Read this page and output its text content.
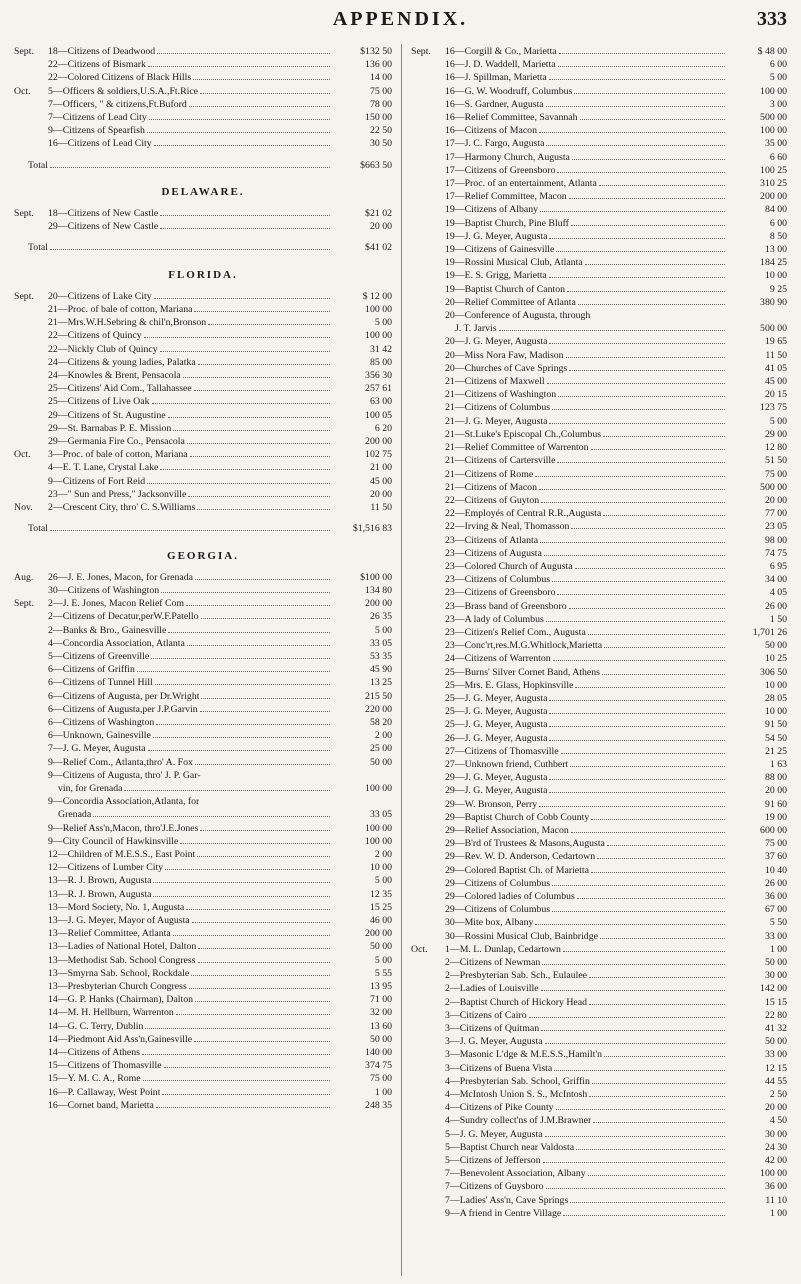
APPENDIX.	333
Sept.	18—Citizens of Deadwood	$132 50
22—Citizens of Bismark	136 00
22—Colored Citizens of Black Hills	14 00
Oct.	5—Officers & soldiers,U.S.A.,Ft.Rice	75 00
7—Officers, " & citizens,Ft.Buford	78 00
7—Citizens of Lead City	150 00
9—Citizens of Spearfish	22 50
16—Citizens of Lead City	30 50
Total	$663 50
DELAWARE.
Sept.	18—Citizens of New Castle	$21 02
29—Citizens of New Castle	20 00
Total	$41 02
FLORIDA.
Sept.	20—Citizens of Lake City	$ 12 00
21—Proc. of bale of cotton, Mariana	100 00
21—Mrs.W.H.Sebring & chil'n,Bronson	5 00
22—Citizens of Quincy	100 00
22—Nickly Club of Quincy	31 42
24—Citizens & young ladies, Palatka	85 00
24—Knowles & Brent, Pensacola	356 30
25—Citizens' Aid Com., Tallahassee	257 61
25—Citizens of Live Oak	63 00
29—Citizens of St. Augustine	100 05
29—St. Barnabas P. E. Mission	6 20
29—Germania Fire Co., Pensacola	200 00
Oct.	3—Proc. of bale of cotton, Mariana	102 75
4—E. T. Lane, Crystal Lake	21 00
9—Citizens of Fort Reid	45 00
23—" Sun and Press," Jacksonville	20 00
Nov.	2—Crescent City, thro' C. S.Williams	11 50
Total	$1,516 83
GEORGIA.
Aug.	26—J. E. Jones, Macon, for Grenada	$100 00
30—Citizens of Washington	134 80
Sept.	2—J. E. Jones, Macon Relief Com	200 00
2—Citizens of Decatur,perW.F.Patello	26 35
2—Banks & Bro., Gainesville	5 00
4—Concordia Association, Atlanta	33 05
5—Citizens of Greenville	53 35
6—Citizens of Griffin	45 90
6—Citizens of Tunnel Hill	13 25
6—Citizens of Augusta, per Dr.Wright	215 50
6—Citizens of Augusta,per J.P.Garvin	220 00
6—Citizens of Washington	58 20
6—Unknown, Gainesville	2 00
7—J. G. Meyer, Augusta	25 00
9—Relief Com., Atlanta,thro' A. Fox	50 00
9—Citizens of Augusta, thro' J. P. Gar-
vin, for Grenada	100 00
9—Concordia Association,Atlanta, for
Grenada	33 05
9—Relief Ass'n,Macon, thro'J.E.Jones	100 00
9—City Council of Hawkinsville	100 00
12—Children of M.E.S.S., East Point	2 00
12—Citizens of Lumber City	10 00
13—R. J. Brown, Augusta	5 00
13—R. J. Brown, Augusta	12 35
13—Mord Society, No. 1, Augusta	15 25
13—J. G. Meyer, Mayor of Augusta	46 00
13—Relief Committee, Atlanta	200 00
13—Ladies of National Hotel, Dalton	50 00
13—Methodist Sab. School Congress	5 00
13—Smyrna Sab. School, Rockdale	5 55
13—Presbyterian Church Congress	13 95
14—G. P. Hanks (Chairman), Dalton	71 00
14—M. H. Hellburn, Warrenton	32 00
14—G. C. Terry, Dublin	13 60
14—Piedmont Aid Ass'n,Gainesville	50 00
14—Citizens of Athens	140 00
15—Citizens of Thomasville	374 75
15—Y. M. C. A., Rome	75 00
16—P. Callaway, West Point	1 00
16—Cornet band, Marietta	248 35
Sept.	16—Corgill & Co., Marietta	$ 48 00
16—J. D. Waddell, Marietta	6 00
16—J. Spillman, Marietta	5 00
16—G. W. Woodruff, Columbus	100 00
16—S. Gardner, Augusta	3 00
16—Relief Committee, Savannah	500 00
16—Citizens of Macon	100 00
17—J. C. Fargo, Augusta	35 00
17—Harmony Church, Augusta	6 60
17—Citizens of Greensboro	100 25
17—Proc. of an entertainment, Atlanta	310 25
17—Relief Committee, Macon	200 00
19—Citizens of Albany	84 00
19—Baptist Church, Pine Bluff	6 00
19—J. G. Meyer, Augusta	8 50
19—Citizens of Gainesville	13 00
19—Rossini Musical Club, Atlanta	184 25
19—E. S. Grigg, Marietta	10 00
19—Baptist Church of Canton	9 25
20—Relief Committee of Atlanta	380 90
20—Conference of Augusta, through
J. T. Jarvis	500 00
20—J. G. Meyer, Augusta	19 65
20—Miss Nora Faw, Madison	11 50
20—Churches of Cave Springs	41 05
21—Citizens of Maxwell	45 00
21—Citizens of Washington	20 15
21—Citizens of Columbus	123 75
21—J. G. Meyer, Augusta	5 00
21—St.Luke's Episcopal Ch.,Columbus	29 00
21—Relief Committee of Warrenton	12 80
21—Citizens of Cartersville	51 50
21—Citizens of Rome	75 00
21—Citizens of Macon	500 00
22—Citizens of Guyton	20 00
22—Employés of Central R.R.,Augusta	77 00
22—Irving & Neal, Thomasson	23 05
23—Citizens of Atlanta	98 00
23—Citizens of Augusta	74 75
23—Colored Church of Augusta	6 95
23—Citizens of Columbus	34 00
23—Citizens of Greensboro	4 05
23—Brass band of Greensboro	26 00
23—A lady of Columbus	1 50
23—Citizen's Relief Com., Augusta	1,701 26
23—Conc'rt,res.M.G.Whitlock,Marietta	50 00
24—Citizens of Warrenton	10 25
25—Burns' Silver Cornet Band, Athens	306 50
25—Mrs. E. Glass, Hopkinsville	10 00
25—J. G. Meyer, Augusta	28 05
25—J. G. Meyer, Augusta	10 00
25—J. G. Meyer, Augusta	91 50
26—J. G. Meyer, Augusta	54 50
27—Citizens of Thomasville	21 25
27—Unknown friend, Cuthbert	1 63
29—J. G. Meyer, Augusta	88 00
29—J. G. Meyer, Augusta	20 00
29—W. Bronson, Perry	91 60
29—Baptist Church of Cobb County	19 00
29—Relief Association, Macon	600 00
29—B'rd of Trustees & Masons,Augusta	75 00
29—Rev. W. D. Anderson, Cedartown	37 60
29—Colored Baptist Ch. of Marietta	10 40
29—Citizens of Columbus	26 00
29—Colored ladies of Columbus	36 00
29—Citizens of Columbus	67 00
30—Mite box, Albany	5 50
30—Rossini Musical Club, Bainbridge	33 00
Oct.	1—M. L. Dunlap, Cedartown	1 00
2—Citizens of Newman	50 00
2—Presbyterian Sab. Sch., Eulaulee	30 00
2—Ladies of Louisville	142 00
2—Baptist Church of Hickory Head	15 15
3—Citizens of Cairo	22 80
3—Citizens of Quitman	41 32
3—J. G. Meyer, Augusta	50 00
3—Masonic L'dge & M.E.S.S.,Hamilt'n	33 00
3—Citizens of Buena Vista	12 15
4—Presbyterian Sab. School, Griffin	44 55
4—McIntosh Union S. S., McIntosh	2 50
4—Citizens of Pike County	20 00
4—Sundry collect'ns of J.M.Brawner	4 50
5—J. G. Meyer, Augusta	30 00
5—Baptist Church near Valdosta	24 30
5—Citizens of Jefferson	42 00
7—Benevolent Association, Albany	100 00
7—Citizens of Guysboro	36 00
7—Ladies' Ass'n, Cave Springs	11 10
9—A friend in Centre Village	1 00
